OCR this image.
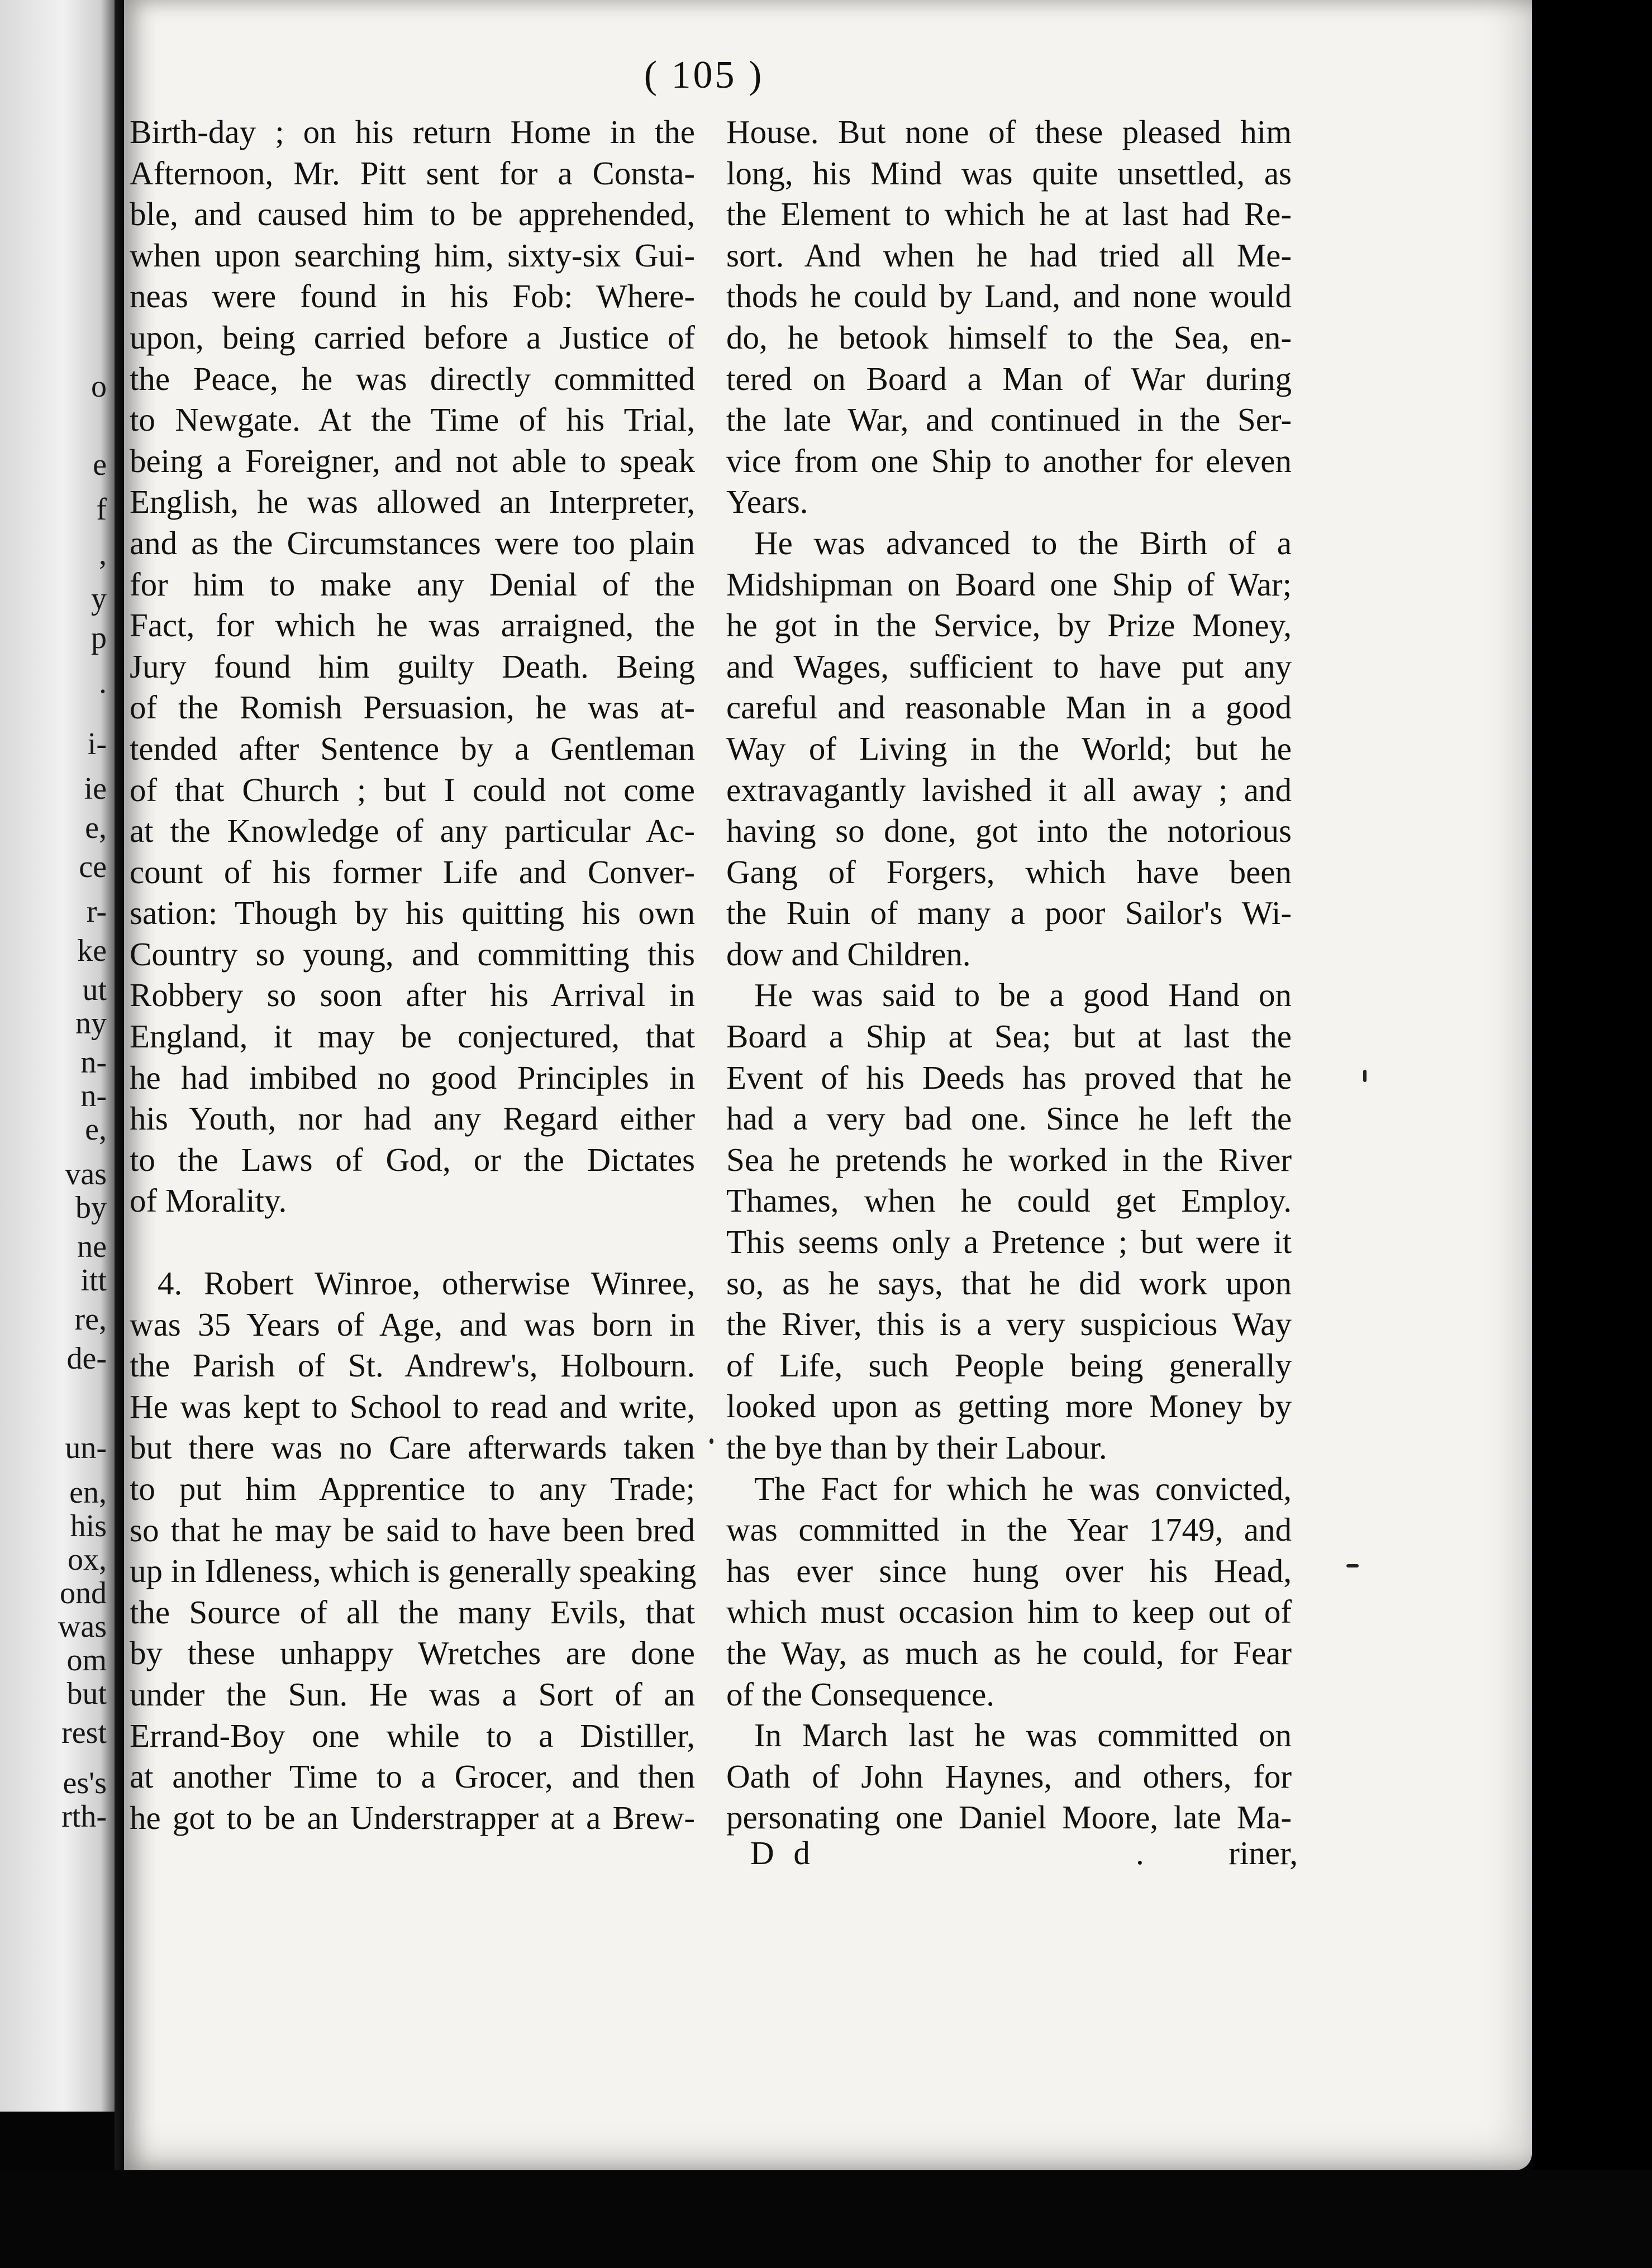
o
e
f
,
y
p
.
i-
ie
e,
ce
r-
ke
ut
ny
n-
n-
e,
vas
by
ne
itt
re,
de-
un-
en,
his
ox,
ond
was
om
but
rest
es's
rth-
( 105 )
Birth-day ; on his return Home in the
Afternoon, Mr. Pitt sent for a Consta-
ble, and caused him to be apprehended,
when upon searching him, sixty-six Gui-
neas were found in his Fob: Where-
upon, being carried before a Justice of
the Peace, he was directly committed
to Newgate. At the Time of his Trial,
being a Foreigner, and not able to speak
English, he was allowed an Interpreter,
and as the Circumstances were too plain
for him to make any Denial of the
Fact, for which he was arraigned, the
Jury found him guilty Death. Being
of the Romish Persuasion, he was at-
tended after Sentence by a Gentleman
of that Church ; but I could not come
at the Knowledge of any particular Ac-
count of his former Life and Conver-
sation: Though by his quitting his own
Country so young, and committing this
Robbery so soon after his Arrival in
England, it may be conjectured, that
he had imbibed no good Principles in
his Youth, nor had any Regard either
to the Laws of God, or the Dictates
of Morality.
4. Robert Winroe, otherwise Winree,
was 35 Years of Age, and was born in
the Parish of St. Andrew's, Holbourn.
He was kept to School to read and write,
but there was no Care afterwards taken
to put him Apprentice to any Trade;
so that he may be said to have been bred
up in Idleness, which is generally speaking
the Source of all the many Evils, that
by these unhappy Wretches are done
under the Sun. He was a Sort of an
Errand-Boy one while to a Distiller,
at another Time to a Grocer, and then
he got to be an Understrapper at a Brew-
House. But none of these pleased him
long, his Mind was quite unsettled, as
the Element to which he at last had Re-
sort. And when he had tried all Me-
thods he could by Land, and none would
do, he betook himself to the Sea, en-
tered on Board a Man of War during
the late War, and continued in the Ser-
vice from one Ship to another for eleven
Years.
He was advanced to the Birth of a
Midshipman on Board one Ship of War;
he got in the Service, by Prize Money,
and Wages, sufficient to have put any
careful and reasonable Man in a good
Way of Living in the World; but he
extravagantly lavished it all away ; and
having so done, got into the notorious
Gang of Forgers, which have been
the Ruin of many a poor Sailor's Wi-
dow and Children.
He was said to be a good Hand on
Board a Ship at Sea; but at last the
Event of his Deeds has proved that he
had a very bad one. Since he left the
Sea he pretends he worked in the River
Thames, when he could get Employ.
This seems only a Pretence ; but were it
so, as he says, that he did work upon
the River, this is a very suspicious Way
of Life, such People being generally
looked upon as getting more Money by
the bye than by their Labour.
The Fact for which he was convicted,
was committed in the Year 1749, and
has ever since hung over his Head,
which must occasion him to keep out of
the Way, as much as he could, for Fear
of the Consequence.
In March last he was committed on
Oath of John Haynes, and others, for
personating one Daniel Moore, late Ma-
D d	.	riner,
